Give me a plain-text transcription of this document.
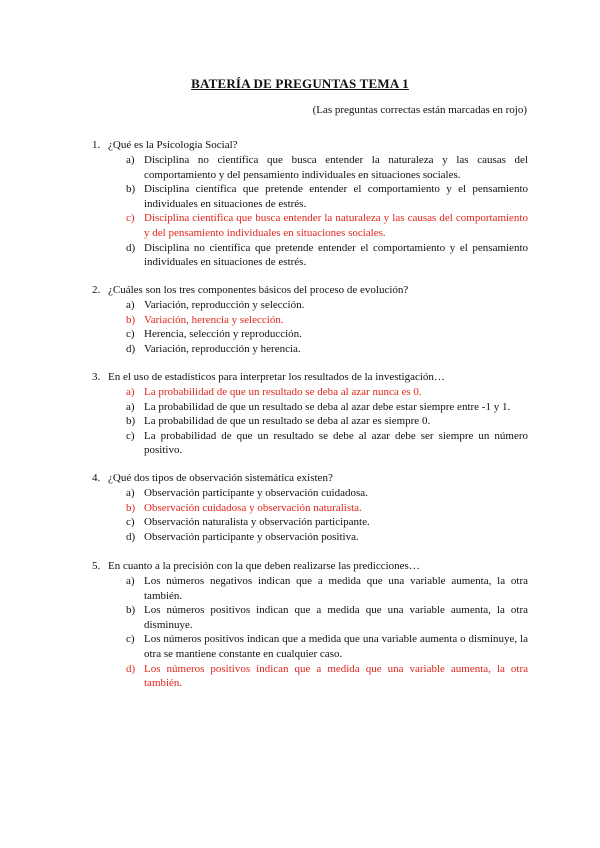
BATERÍA DE PREGUNTAS TEMA 1
(Las preguntas correctas están marcadas en rojo)
1. ¿Qué es la Psicología Social?
a) Disciplina no científica que busca entender la naturaleza y las causas del comportamiento y del pensamiento individuales en situaciones sociales.
b) Disciplina científica que pretende entender el comportamiento y el pensamiento individuales en situaciones de estrés.
c) Disciplina científica que busca entender la naturaleza y las causas del comportamiento y del pensamiento individuales en situaciones sociales.
d) Disciplina no científica que pretende entender el comportamiento y el pensamiento individuales en situaciones de estrés.
2. ¿Cuáles son los tres componentes básicos del proceso de evolución?
a) Variación, reproducción y selección.
b) Variación, herencia y selección.
c) Herencia, selección y reproducción.
d) Variación, reproducción y herencia.
3. En el uso de estadísticos para interpretar los resultados de la investigación…
a) La probabilidad de que un resultado se deba al azar nunca es 0.
a) La probabilidad de que un resultado se deba al azar debe estar siempre entre -1 y 1.
b) La probabilidad de que un resultado se deba al azar es siempre 0.
c) La probabilidad de que un resultado se debe al azar debe ser siempre un número positivo.
4. ¿Qué dos tipos de observación sistemática existen?
a) Observación participante y observación cuidadosa.
b) Observación cuidadosa y observación naturalista.
c) Observación naturalista y observación participante.
d) Observación participante y observación positiva.
5. En cuanto a la precisión con la que deben realizarse las predicciones…
a) Los números negativos indican que a medida que una variable aumenta, la otra también.
b) Los números positivos indican que a medida que una variable aumenta, la otra disminuye.
c) Los números positivos indican que a medida que una variable aumenta o disminuye, la otra se mantiene constante en cualquier caso.
d) Los números positivos indican que a medida que una variable aumenta, la otra también.
